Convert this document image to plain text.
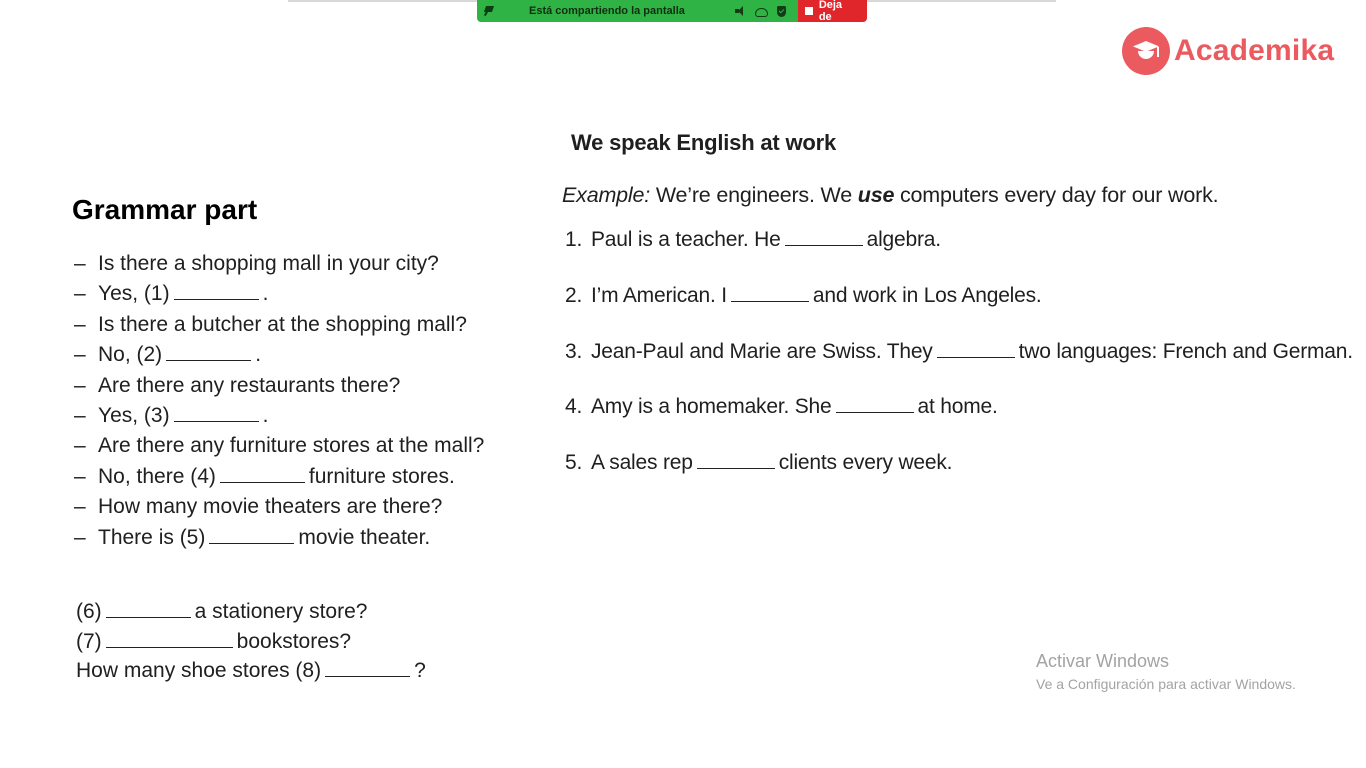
Está compartiendo la pantalla	Deja de
Academika
Grammar part
– Is there a shopping mall in your city?
– Yes, (1)	.
– Is there a butcher at the shopping mall?
– No, (2)	.
– Are there any restaurants there?
– Yes, (3)	.
– Are there any furniture stores at the mall?
– No, there (4)	furniture stores.
– How many movie theaters are there?
– There is (5)	movie theater.
(6)	a stationery store?
(7)	bookstores?
How many shoe stores (8)	?
We speak English at work
Example: We’re engineers. We use computers every day for our work.
1. Paul is a teacher. He	algebra.
2. I’m American. I	and work in Los Angeles.
3. Jean-Paul and Marie are Swiss. They	two languages: French and German.
4. Amy is a homemaker. She	at home.
5. A sales rep	clients every week.
Activar Windows
Ve a Configuración para activar Windows.
